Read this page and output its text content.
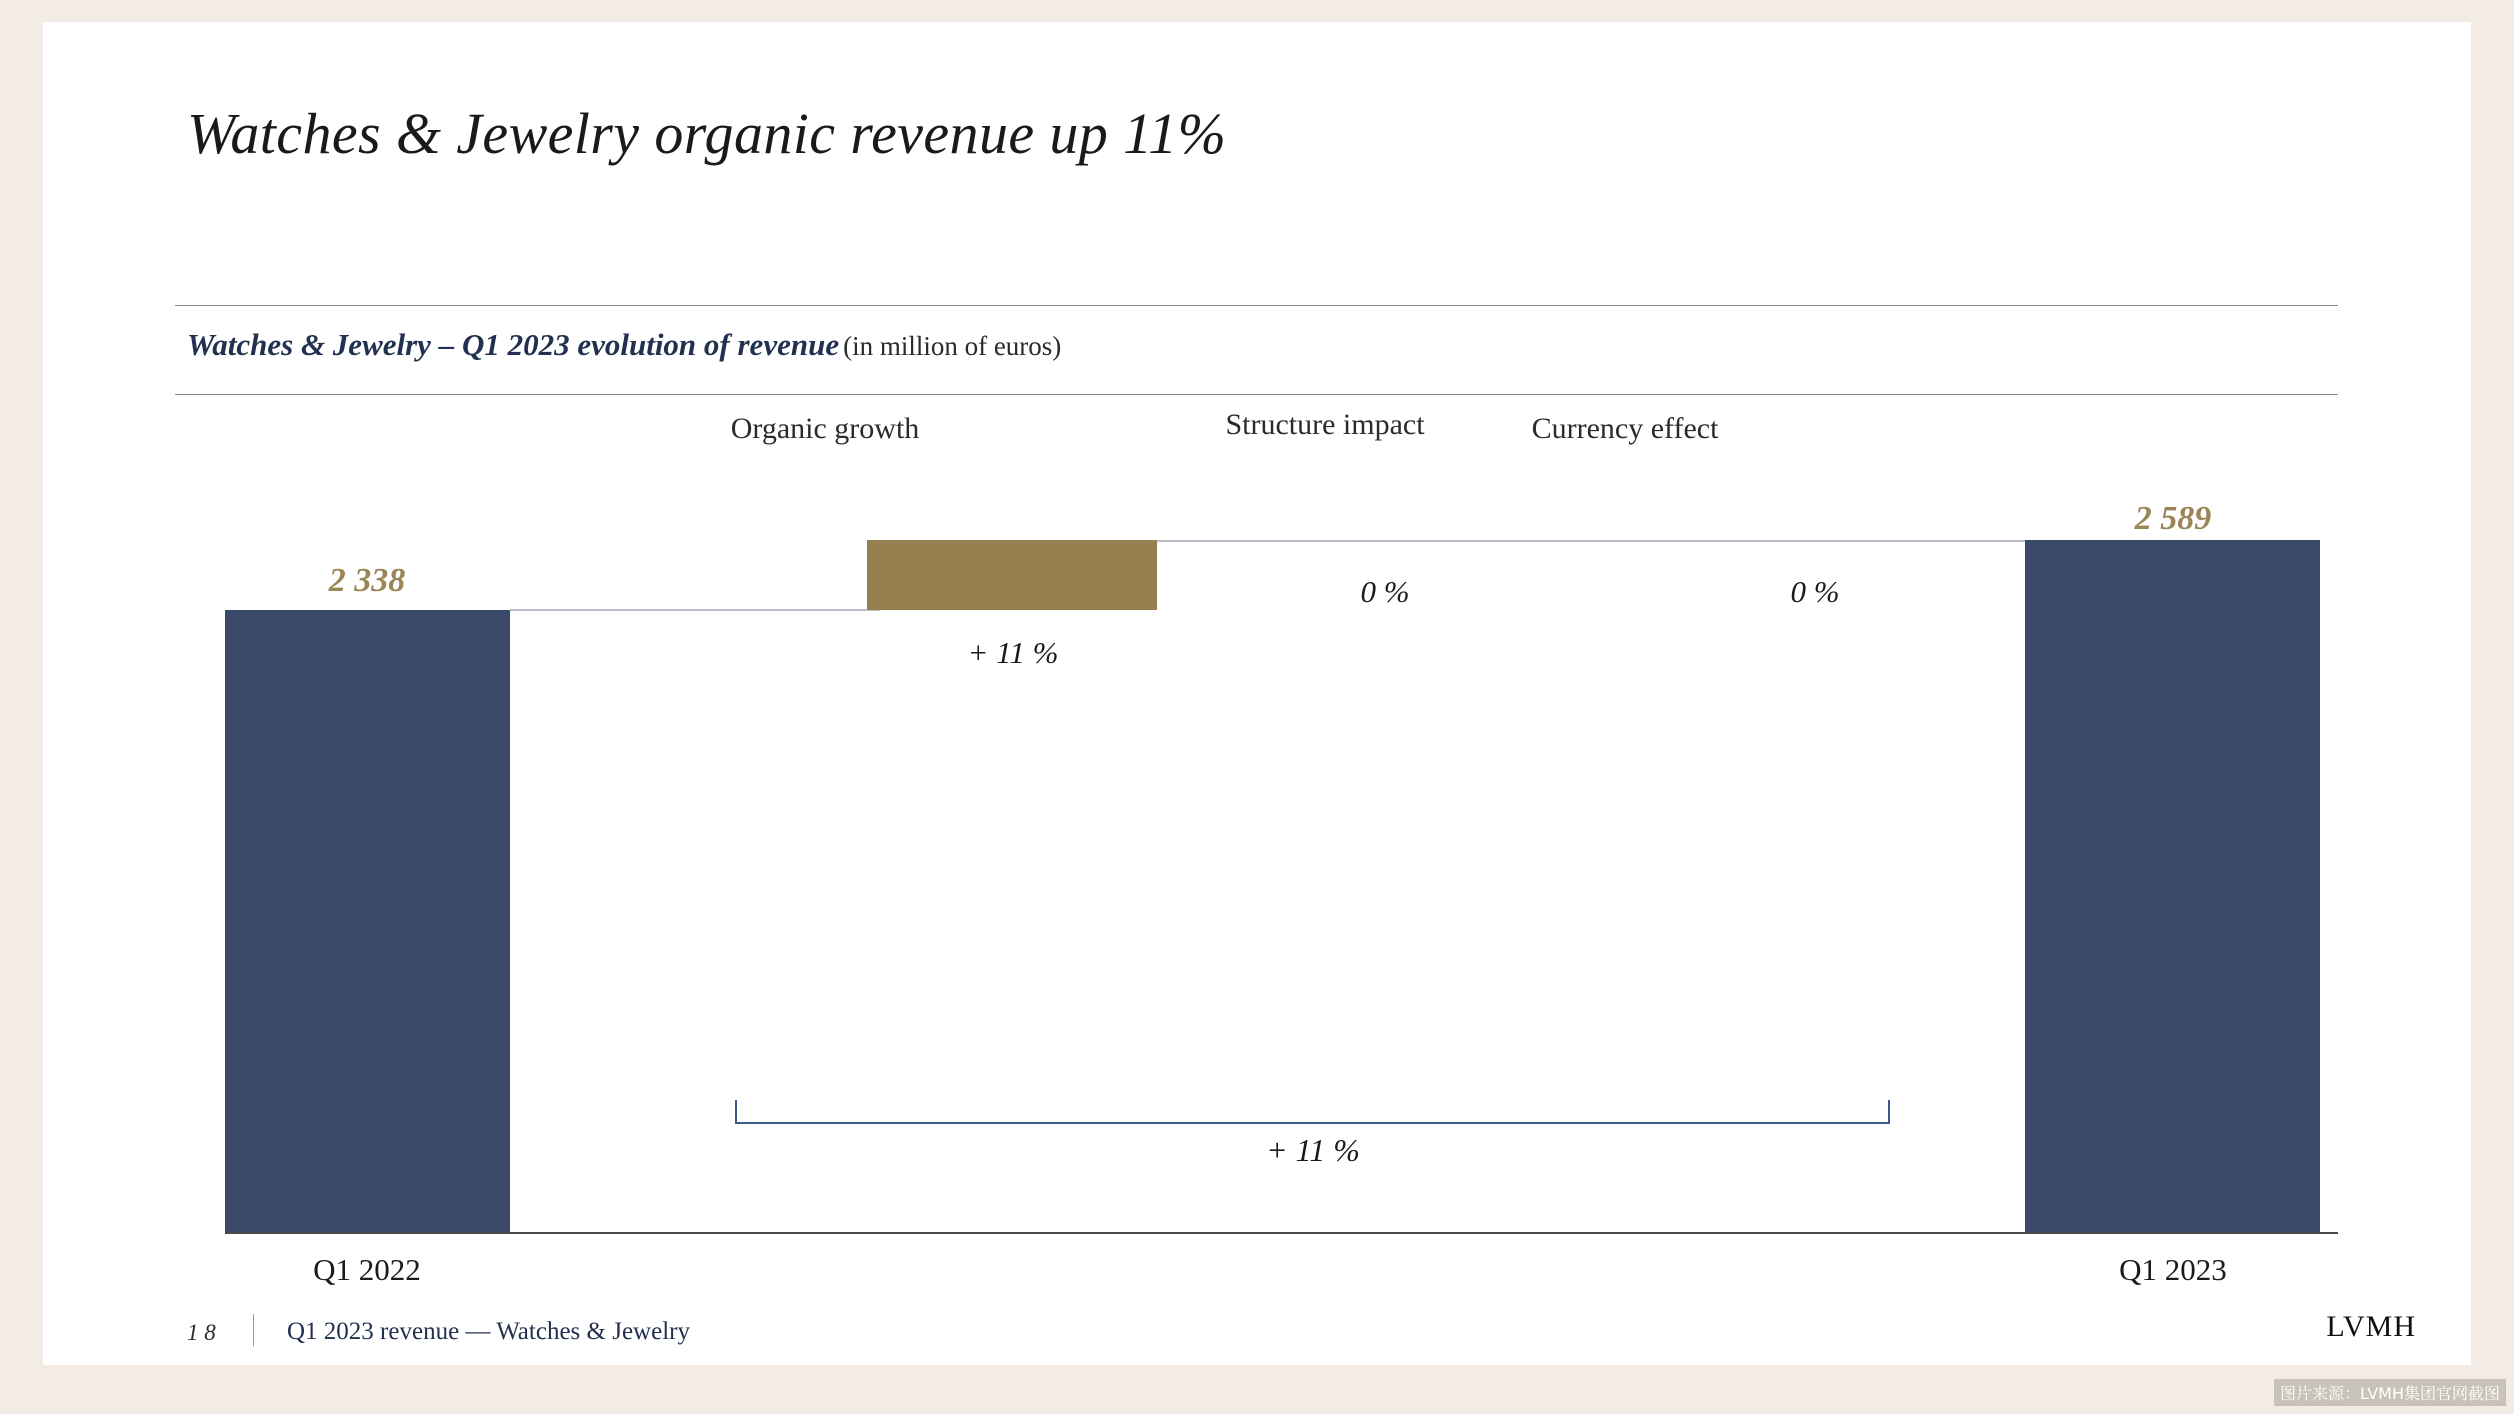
Watches & Jewelry organic revenue up 11%
Watches & Jewelry – Q1 2023 evolution of revenue (in million of euros)
Organic growth	Structure impact	Currency effect
2 338
2 589
+ 11 %
0 %	0 %
Q1 2022	Q1 2023
+ 11 %
1 8	Q1 2023 revenue — Watches & Jewelry	LVMH
图片来源：LVMH集团官网截图
